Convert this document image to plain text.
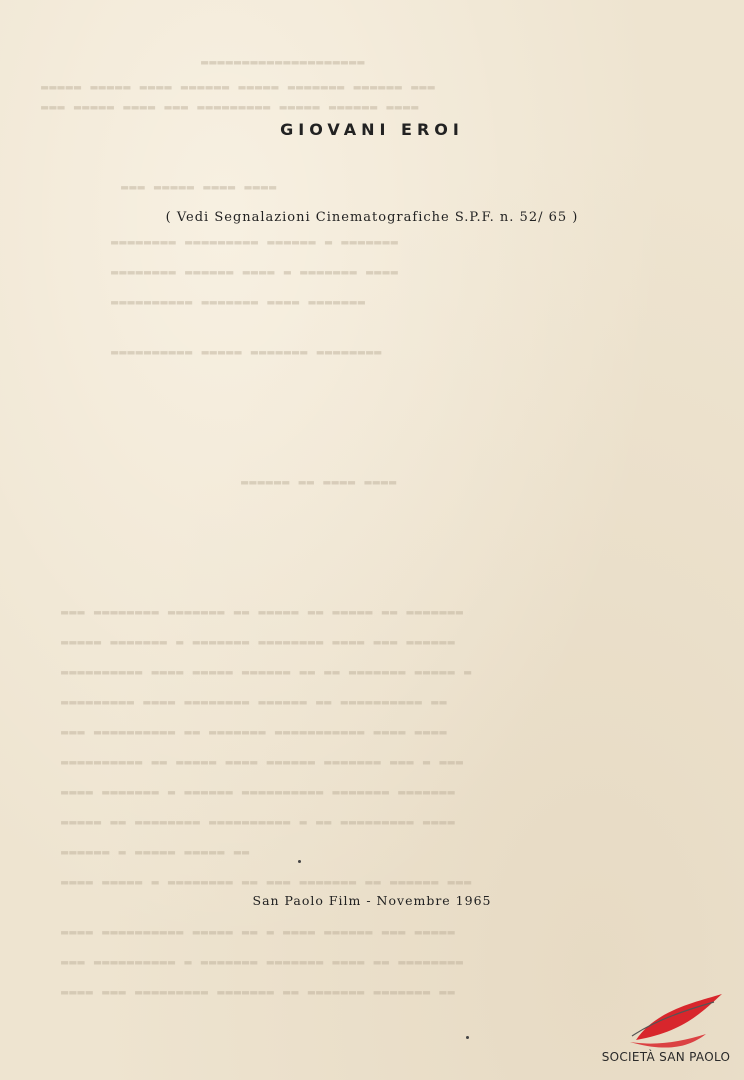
▬▬▬▬▬▬▬▬▬▬▬▬▬▬▬▬▬▬▬▬
▬▬▬ ▬▬▬▬▬▬ ▬▬▬▬▬▬▬ ▬▬▬▬▬ ▬▬▬▬▬▬ ▬▬▬▬ ▬▬▬▬▬ ▬▬▬▬▬
▬▬▬▬ ▬▬▬▬▬▬ ▬▬▬▬▬ ▬▬▬▬▬▬▬▬▬ ▬▬▬ ▬▬▬▬ ▬▬▬▬▬ ▬▬▬
▬▬▬▬ ▬▬▬▬ ▬▬▬▬▬ ▬▬▬
▬▬▬▬▬▬▬ ▬ ▬▬▬▬▬▬ ▬▬▬▬▬▬▬▬▬ ▬▬▬▬▬▬▬▬
▬▬▬▬ ▬▬▬▬▬▬▬ ▬ ▬▬▬▬ ▬▬▬▬▬▬ ▬▬▬▬▬▬▬▬
▬▬▬▬▬▬▬ ▬▬▬▬ ▬▬▬▬▬▬▬ ▬▬▬▬▬▬▬▬▬▬
▬▬▬▬▬▬▬▬ ▬▬▬▬▬▬▬ ▬▬▬▬▬ ▬▬▬▬▬▬▬▬▬▬
▬▬▬▬ ▬▬▬▬ ▬▬ ▬▬▬▬▬▬
▬▬▬▬▬▬▬ ▬▬ ▬▬▬▬▬ ▬▬ ▬▬▬▬▬ ▬▬ ▬▬▬▬▬▬▬ ▬▬▬▬▬▬▬▬ ▬▬▬
▬▬▬▬▬▬ ▬▬▬ ▬▬▬▬ ▬▬▬▬▬▬▬▬ ▬▬▬▬▬▬▬ ▬ ▬▬▬▬▬▬▬ ▬▬▬▬▬
▬ ▬▬▬▬▬ ▬▬▬▬▬▬▬ ▬▬ ▬▬ ▬▬▬▬▬▬ ▬▬▬▬▬ ▬▬▬▬ ▬▬▬▬▬▬▬▬▬▬
▬▬ ▬▬▬▬▬▬▬▬▬▬ ▬▬ ▬▬▬▬▬▬ ▬▬▬▬▬▬▬▬ ▬▬▬▬ ▬▬▬▬▬▬▬▬▬
▬▬▬▬ ▬▬▬▬ ▬▬▬▬▬▬▬▬▬▬▬ ▬▬▬▬▬▬▬ ▬▬ ▬▬▬▬▬▬▬▬▬▬ ▬▬▬
▬▬▬ ▬ ▬▬▬ ▬▬▬▬▬▬▬ ▬▬▬▬▬▬ ▬▬▬▬ ▬▬▬▬▬ ▬▬ ▬▬▬▬▬▬▬▬▬▬
▬▬▬▬▬▬▬ ▬▬▬▬▬▬▬ ▬▬▬▬▬▬▬▬▬▬ ▬▬▬▬▬▬ ▬ ▬▬▬▬▬▬▬ ▬▬▬▬
▬▬▬▬ ▬▬▬▬▬▬▬▬▬ ▬▬ ▬ ▬▬▬▬▬▬▬▬▬▬ ▬▬▬▬▬▬▬▬ ▬▬ ▬▬▬▬▬
▬▬ ▬▬▬▬▬ ▬▬▬▬▬ ▬ ▬▬▬▬▬▬
▬▬▬ ▬▬▬▬▬▬ ▬▬ ▬▬▬▬▬▬▬ ▬▬▬ ▬▬ ▬▬▬▬▬▬▬▬ ▬ ▬▬▬▬▬ ▬▬▬▬
▬▬▬▬▬ ▬▬▬ ▬▬▬▬▬▬ ▬▬▬▬ ▬ ▬▬ ▬▬▬▬▬ ▬▬▬▬▬▬▬▬▬▬ ▬▬▬▬
▬▬▬▬▬▬▬▬ ▬▬ ▬▬▬▬ ▬▬▬▬▬▬▬ ▬▬▬▬▬▬▬ ▬ ▬▬▬▬▬▬▬▬▬▬ ▬▬▬
▬▬ ▬▬▬▬▬▬▬ ▬▬▬▬▬▬▬ ▬▬ ▬▬▬▬▬▬▬ ▬▬▬▬▬▬▬▬▬ ▬▬▬ ▬▬▬▬
GIOVANI EROI
( Vedi Segnalazioni Cinematografiche S.P.F. n. 52/ 65 )
San Paolo Film - Novembre 1965
SOCIETÀ SAN PAOLO
